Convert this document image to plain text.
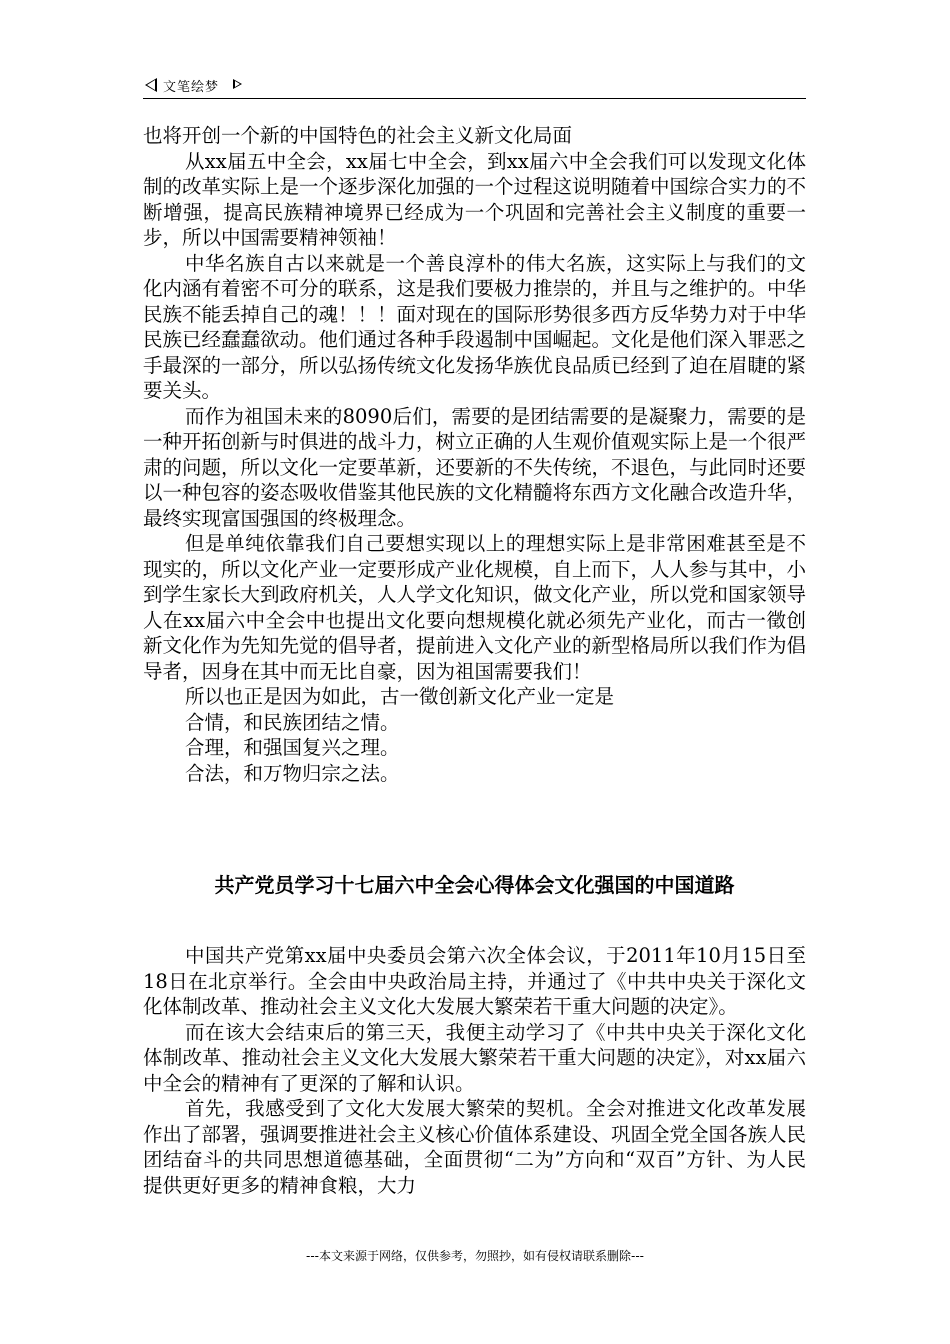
文笔绘梦

也将开创一个新的中国特色的社会主义新文化局面

从xx届五中全会，xx届七中全会，到xx届六中全会我们可以发现文化体制的改革实际上是一个逐步深化加强的一个过程这说明随着中国综合实力的不断增强，提高民族精神境界已经成为一个巩固和完善社会主义制度的重要一步，所以中国需要精神领袖！

中华名族自古以来就是一个善良淳朴的伟大名族，这实际上与我们的文化内涵有着密不可分的联系，这是我们要极力推崇的，并且与之维护的。中华民族不能丢掉自己的魂！！！面对现在的国际形势很多西方反华势力对于中华民族已经蠢蠢欲动。他们通过各种手段遏制中国崛起。文化是他们深入罪恶之手最深的一部分，所以弘扬传统文化发扬华族优良品质已经到了迫在眉睫的紧要关头。

而作为祖国未来的8090后们，需要的是团结需要的是凝聚力，需要的是一种开拓创新与时俱进的战斗力，树立正确的人生观价值观实际上是一个很严肃的问题，所以文化一定要革新，还要新的不失传统，不退色，与此同时还要以一种包容的姿态吸收借鉴其他民族的文化精髓将东西方文化融合改造升华，最终实现富国强国的终极理念。

但是单纯依靠我们自己要想实现以上的理想实际上是非常困难甚至是不现实的，所以文化产业一定要形成产业化规模，自上而下，人人参与其中，小到学生家长大到政府机关，人人学文化知识，做文化产业，所以党和国家领导人在xx届六中全会中也提出文化要向想规模化就必须先产业化，而古一徵创新文化作为先知先觉的倡导者，提前进入文化产业的新型格局所以我们作为倡导者，因身在其中而无比自豪，因为祖国需要我们！

所以也正是因为如此，古一徵创新文化产业一定是

合情，和民族团结之情。

合理，和强国复兴之理。

合法，和万物归宗之法。

共产党员学习十七届六中全会心得体会文化强国的中国道路

中国共产党第xx届中央委员会第六次全体会议，于2011年10月15日至18日在北京举行。全会由中央政治局主持，并通过了《中共中央关于深化文化体制改革、推动社会主义文化大发展大繁荣若干重大问题的决定》。

而在该大会结束后的第三天，我便主动学习了《中共中央关于深化文化体制改革、推动社会主义文化大发展大繁荣若干重大问题的决定》，对xx届六中全会的精神有了更深的了解和认识。

首先，我感受到了文化大发展大繁荣的契机。全会对推进文化改革发展作出了部署，强调要推进社会主义核心价值体系建设、巩固全党全国各族人民团结奋斗的共同思想道德基础，全面贯彻“二为”方向和“双百”方针、为人民提供更好更多的精神食粮，大力

---本文来源于网络，仅供参考，勿照抄，如有侵权请联系删除---
